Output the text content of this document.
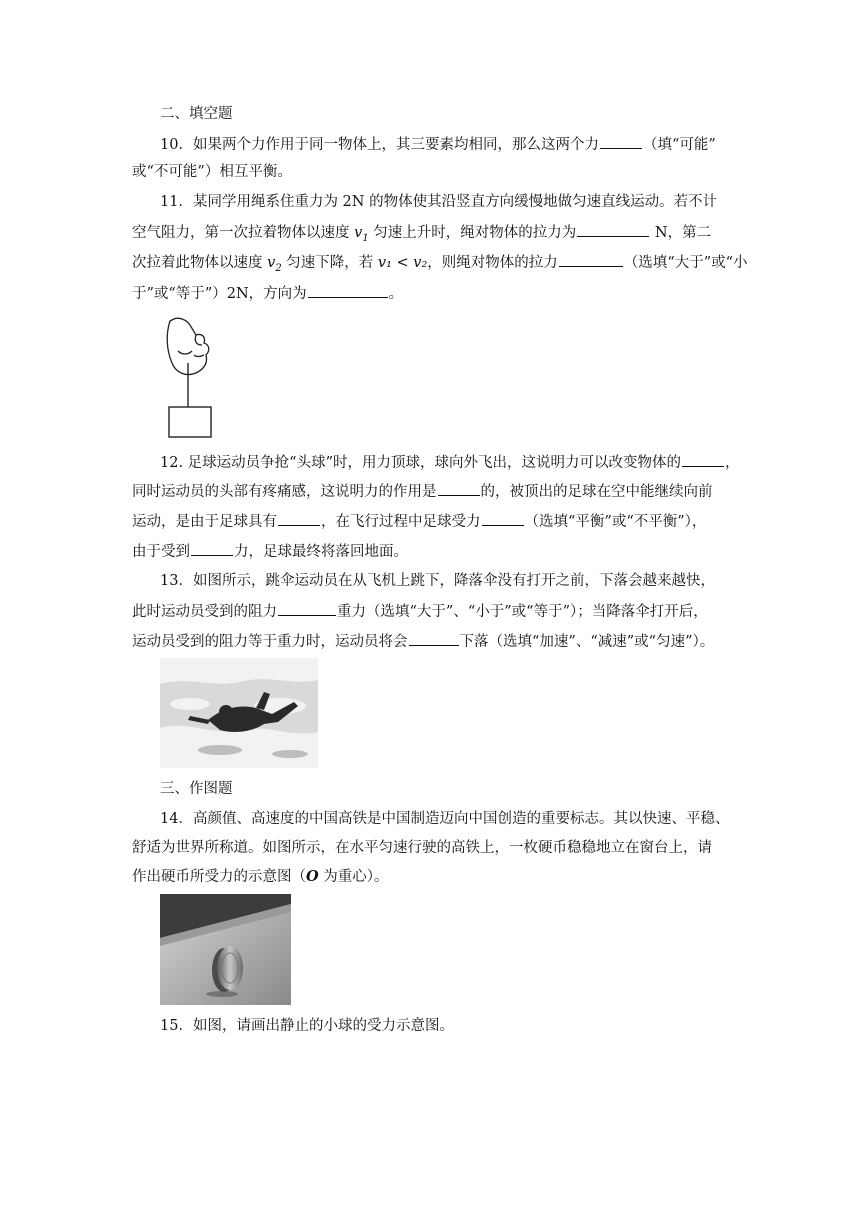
二、填空题
10．如果两个力作用于同一物体上，其三要素均相同，那么这两个力	（填“可能”
或“不可能”）相互平衡。
11．某同学用绳系住重力为 2N 的物体使其沿竖直方向缓慢地做匀速直线运动。若不计
空气阻力，第一次拉着物体以速度 $v_1$ 匀速上升时，绳对物体的拉力为	N，第二
次拉着此物体以速度 $v_2$ 匀速下降，若 v₁ < v₂，则绳对物体的拉力	（选填“大于”或“小
于”或“等于”）2N，方向为	。
12. 足球运动员争抢“头球”时，用力顶球，球向外飞出，这说明力可以改变物体的	，
同时运动员的头部有疼痛感，这说明力的作用是	的，被顶出的足球在空中能继续向前
运动，是由于足球具有	，在飞行过程中足球受力	（选填“平衡”或“不平衡”），
由于受到	力，足球最终将落回地面。
13．如图所示，跳伞运动员在从飞机上跳下，降落伞没有打开之前，下落会越来越快，
此时运动员受到的阻力	重力（选填“大于”、“小于”或“等于”）；当降落伞打开后，
运动员受到的阻力等于重力时，运动员将会	下落（选填“加速”、“减速”或“匀速”）。
三、作图题
14．高颜值、高速度的中国高铁是中国制造迈向中国创造的重要标志。其以快速、平稳、
舒适为世界所称道。如图所示，在水平匀速行驶的高铁上，一枚硬币稳稳地立在窗台上，请
作出硬币所受力的示意图（O 为重心）。
15．如图，请画出静止的小球的受力示意图。
